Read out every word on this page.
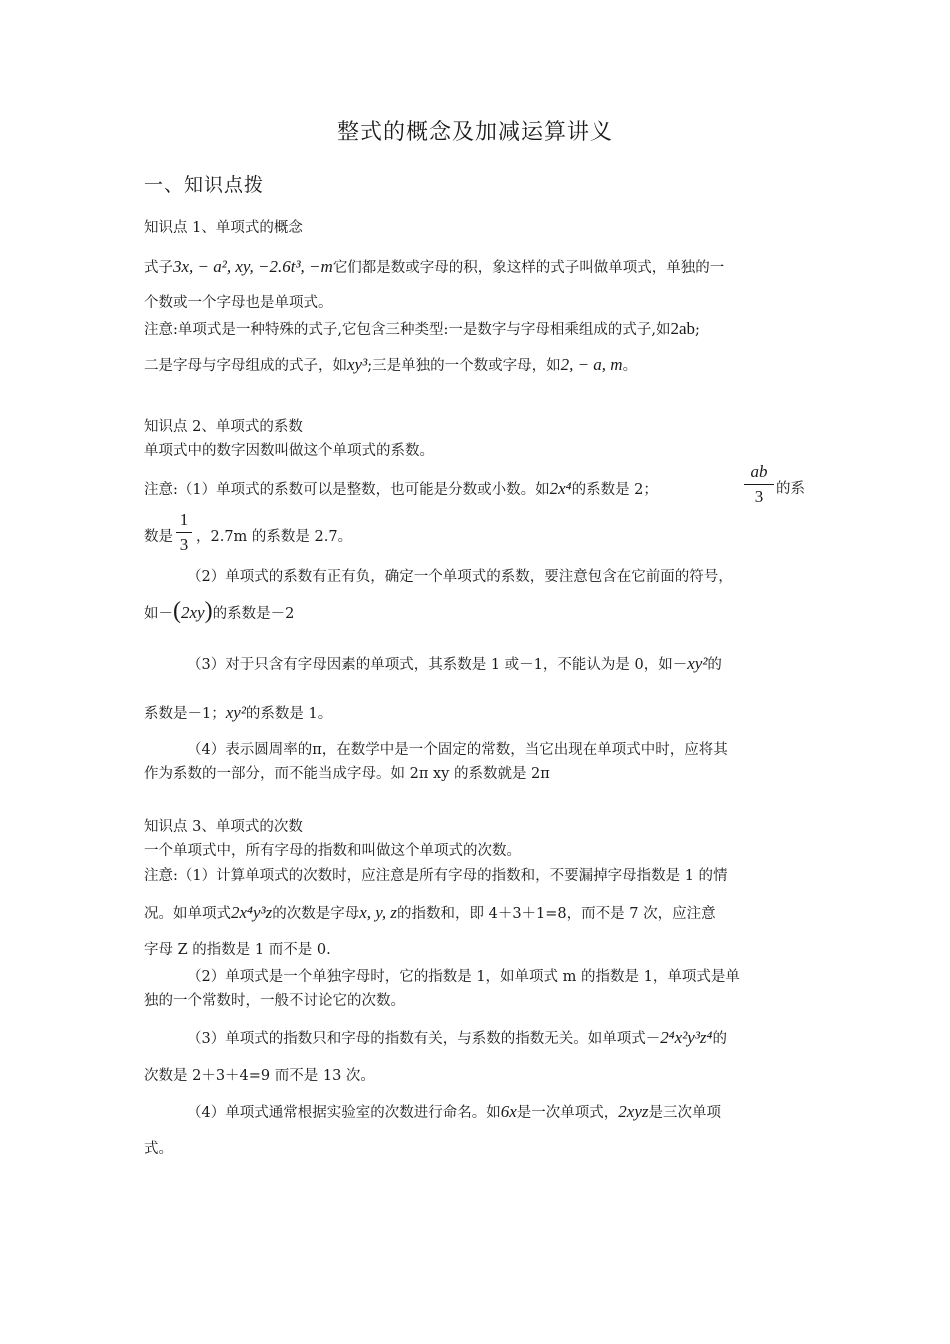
整式的概念及加减运算讲义
一、知识点拨
知识点 1、单项式的概念
式子3x, − a², xy, −2.6t³, −m它们都是数或字母的积，象这样的式子叫做单项式，单独的一
个数或一个字母也是单项式。
注意:单项式是一种特殊的式子,它包含三种类型:一是数字与字母相乘组成的式子,如2ab;
二是字母与字母组成的式子，如xy³;三是单独的一个数或字母，如2, − a, m。
知识点 2、单项式的系数
单项式中的数字因数叫做这个单项式的系数。
注意:（1）单项式的系数可以是整数，也可能是分数或小数。如2x⁴的系数是 2；
ab
3 的系
数是
1
3 ，2.7m 的系数是 2.7。
（2）单项式的系数有正有负，确定一个单项式的系数，要注意包含在它前面的符号，
如－(2xy)的系数是－2
（3）对于只含有字母因素的单项式，其系数是 1 或－1，不能认为是 0，如－xy²的
系数是－1；xy²的系数是 1。
（4）表示圆周率的π，在数学中是一个固定的常数，当它出现在单项式中时，应将其
作为系数的一部分，而不能当成字母。如 2π xy 的系数就是 2π
知识点 3、单项式的次数
一个单项式中，所有字母的指数和叫做这个单项式的次数。
注意:（1）计算单项式的次数时，应注意是所有字母的指数和，不要漏掉字母指数是 1 的情
况。如单项式2x⁴y³z的次数是字母x, y, z的指数和，即 4＋3＋1=8，而不是 7 次，应注意
字母 Z 的指数是 1 而不是 0.
（2）单项式是一个单独字母时，它的指数是 1，如单项式 m 的指数是 1，单项式是单
独的一个常数时，一般不讨论它的次数。
（3）单项式的指数只和字母的指数有关，与系数的指数无关。如单项式－2⁴x²y³z⁴的
次数是 2＋3＋4=9 而不是 13 次。
（4）单项式通常根据实验室的次数进行命名。如6x是一次单项式，2xyz是三次单项
式。
